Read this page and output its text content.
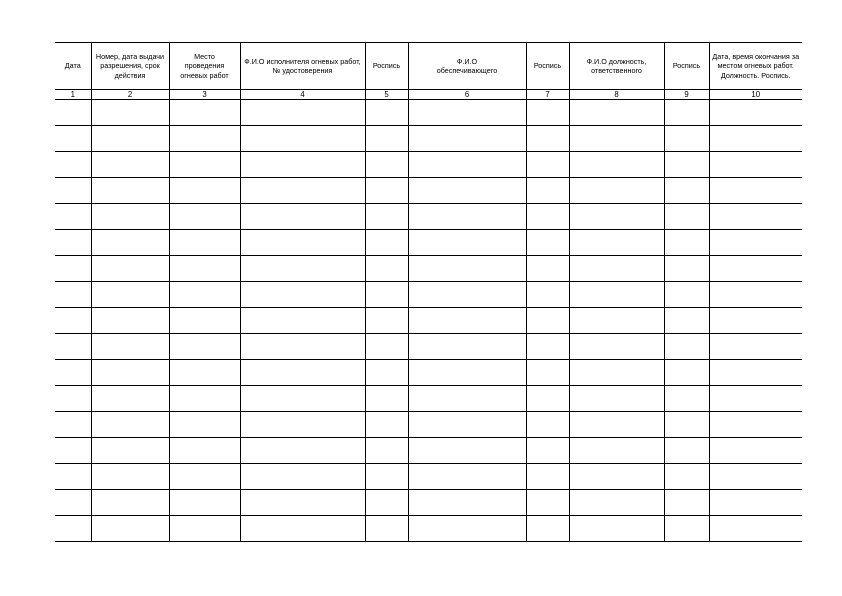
Дата	Номер, дата выдачи разрешения, срок действия	Место проведения огневых работ	Ф.И.О исполнителя огневых работ, № удостоверения	Роспись	Ф.И.О обеспечивающего	Роспись	Ф.И.О должность, ответственного	Роспись	Дата, время окончания за местом огневых работ. Должность. Роспись.
1	2	3	4	5	6	7	8	9	10
